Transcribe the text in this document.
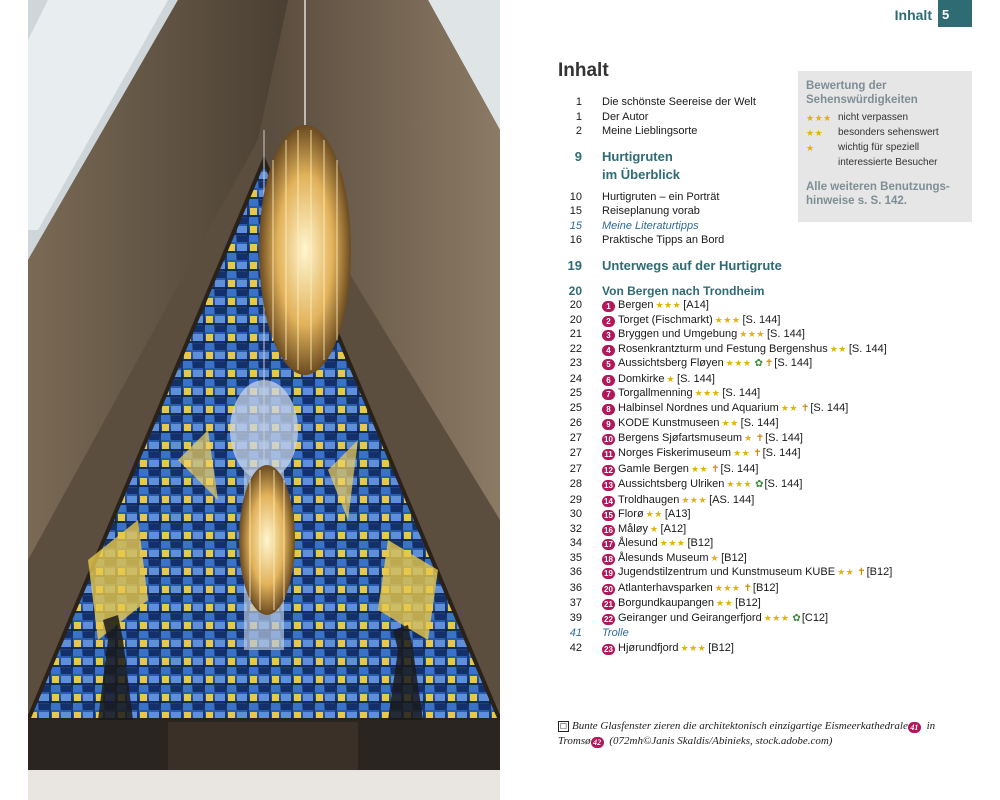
Inhalt 5
Inhalt
1 Die schönste Seereise der Welt
1 Der Autor
2 Meine Lieblingsorte
9 Hurtigruten
im Überblick
10 Hurtigruten – ein Porträt
15 Reiseplanung vorab
15 Meine Literaturtipps
16 Praktische Tipps an Bord
19 Unterwegs auf der Hurtigrute
20 Von Bergen nach Trondheim
20	1 Bergen ★★★ [A14]
20	2 Torget (Fischmarkt) ★★★ [S. 144]
21	3 Bryggen und Umgebung ★★★ [S. 144]
22	4 Rosenkrantzturm und Festung Bergenshus ★★ [S. 144]
23	5 Aussichtsberg Fløyen ★★★ ✿ ✝[S. 144]
24	6 Domkirke ★ [S. 144]
25	7 Torgallmenning ★★★ [S. 144]
25	8 Halbinsel Nordnes und Aquarium ★★ ✝[S. 144]
26	9 KODE Kunstmuseen ★★ [S. 144]
27	10 Bergens Sjøfartsmuseum ★ ✝[S. 144]
27	11 Norges Fiskerimuseum ★★ ✝[S. 144]
27	12 Gamle Bergen ★★ ✝[S. 144]
28	13 Aussichtsberg Ulriken ★★★ ✿[S. 144]
29	14 Troldhaugen ★★★ [AS. 144]
30	15 Florø ★★ [A13]
32	16 Måløy ★ [A12]
34	17 Ålesund ★★★ [B12]
35	18 Ålesunds Museum ★ [B12]
36	19 Jugendstilzentrum und Kunstmuseum KUBE ★★ ✝[B12]
36	20 Atlanterhavsparken ★★★ ✝[B12]
37	21 Borgundkaupangen ★★ [B12]
39	22 Geiranger und Geirangerfjord ★★★ ✿[C12]
41 Trolle
42	23 Hjørundfjord ★★★ [B12]
Bewertung der Sehenswürdigkeiten
★★★ nicht verpassen
★★	besonders sehenswert
★	wichtig für speziell
interessierte Besucher
Alle weiteren Benutzungs-hinweise s. S. 142.
☐ Bunte Glasfenster zieren die architektonisch einzigartige Eismeerkathedrale 41 in Tromsø 42 (072mh©Janis Skaldis/Abinieks, stock.adobe.com)
